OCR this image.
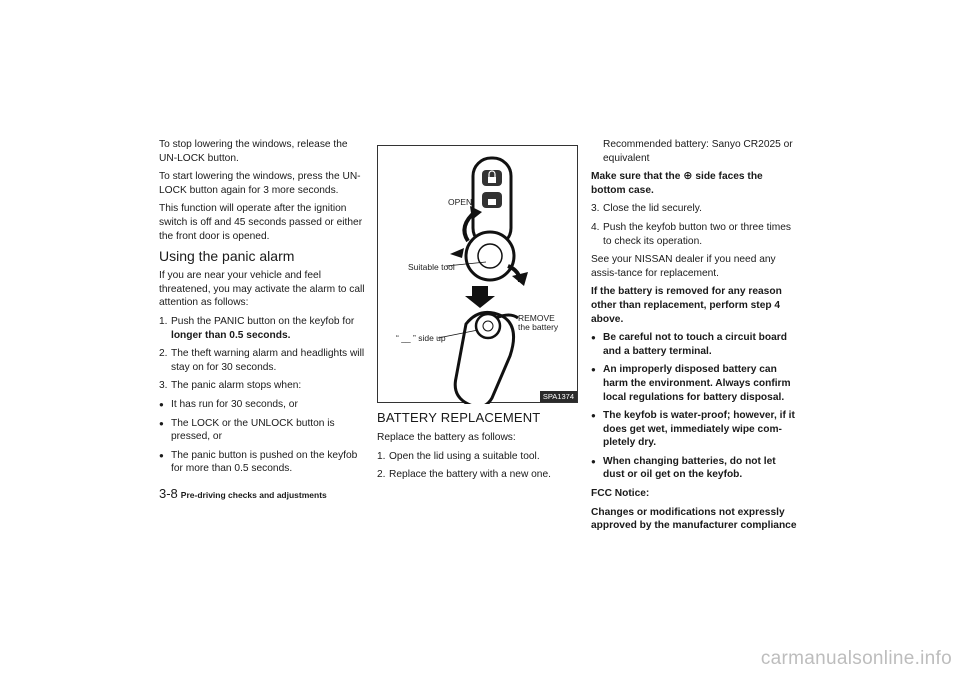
To stop lowering the windows, release the UN-LOCK button.

To start lowering the windows, press the UN-LOCK button again for 3 more seconds.

This function will operate after the ignition switch is off and 45 seconds passed or either the front door is opened.

Using the panic alarm

If you are near your vehicle and feel threatened, you may activate the alarm to call attention as follows:

1. Push the PANIC button on the keyfob for longer than 0.5 seconds.
2. The theft warning alarm and headlights will stay on for 30 seconds.
3. The panic alarm stops when:
● It has run for 30 seconds, or
● The LOCK or the UNLOCK button is pressed, or
● The panic button is pushed on the keyfob for more than 0.5 seconds.
OPEN
Suitable tool
REMOVE
the battery
“ __ ” side up
SPA1374
BATTERY REPLACEMENT

Replace the battery as follows:

1. Open the lid using a suitable tool.
2. Replace the battery with a new one.

Recommended battery: Sanyo CR2025 or equivalent

Make sure that the ⊕ side faces the bottom case.

3. Close the lid securely.
4. Push the keyfob button two or three times to check its operation.

See your NISSAN dealer if you need any assis-tance for replacement.

If the battery is removed for any reason other than replacement, perform step 4 above.

● Be careful not to touch a circuit board and a battery terminal.
● An improperly disposed battery can harm the environment. Always confirm local regulations for battery disposal.
● The keyfob is water-proof; however, if it does get wet, immediately wipe com-pletely dry.
● When changing batteries, do not let dust or oil get on the keyfob.

FCC Notice:

Changes or modifications not expressly approved by the manufacturer compliance

3-8 Pre-driving checks and adjustments
carmanualsonline.info
